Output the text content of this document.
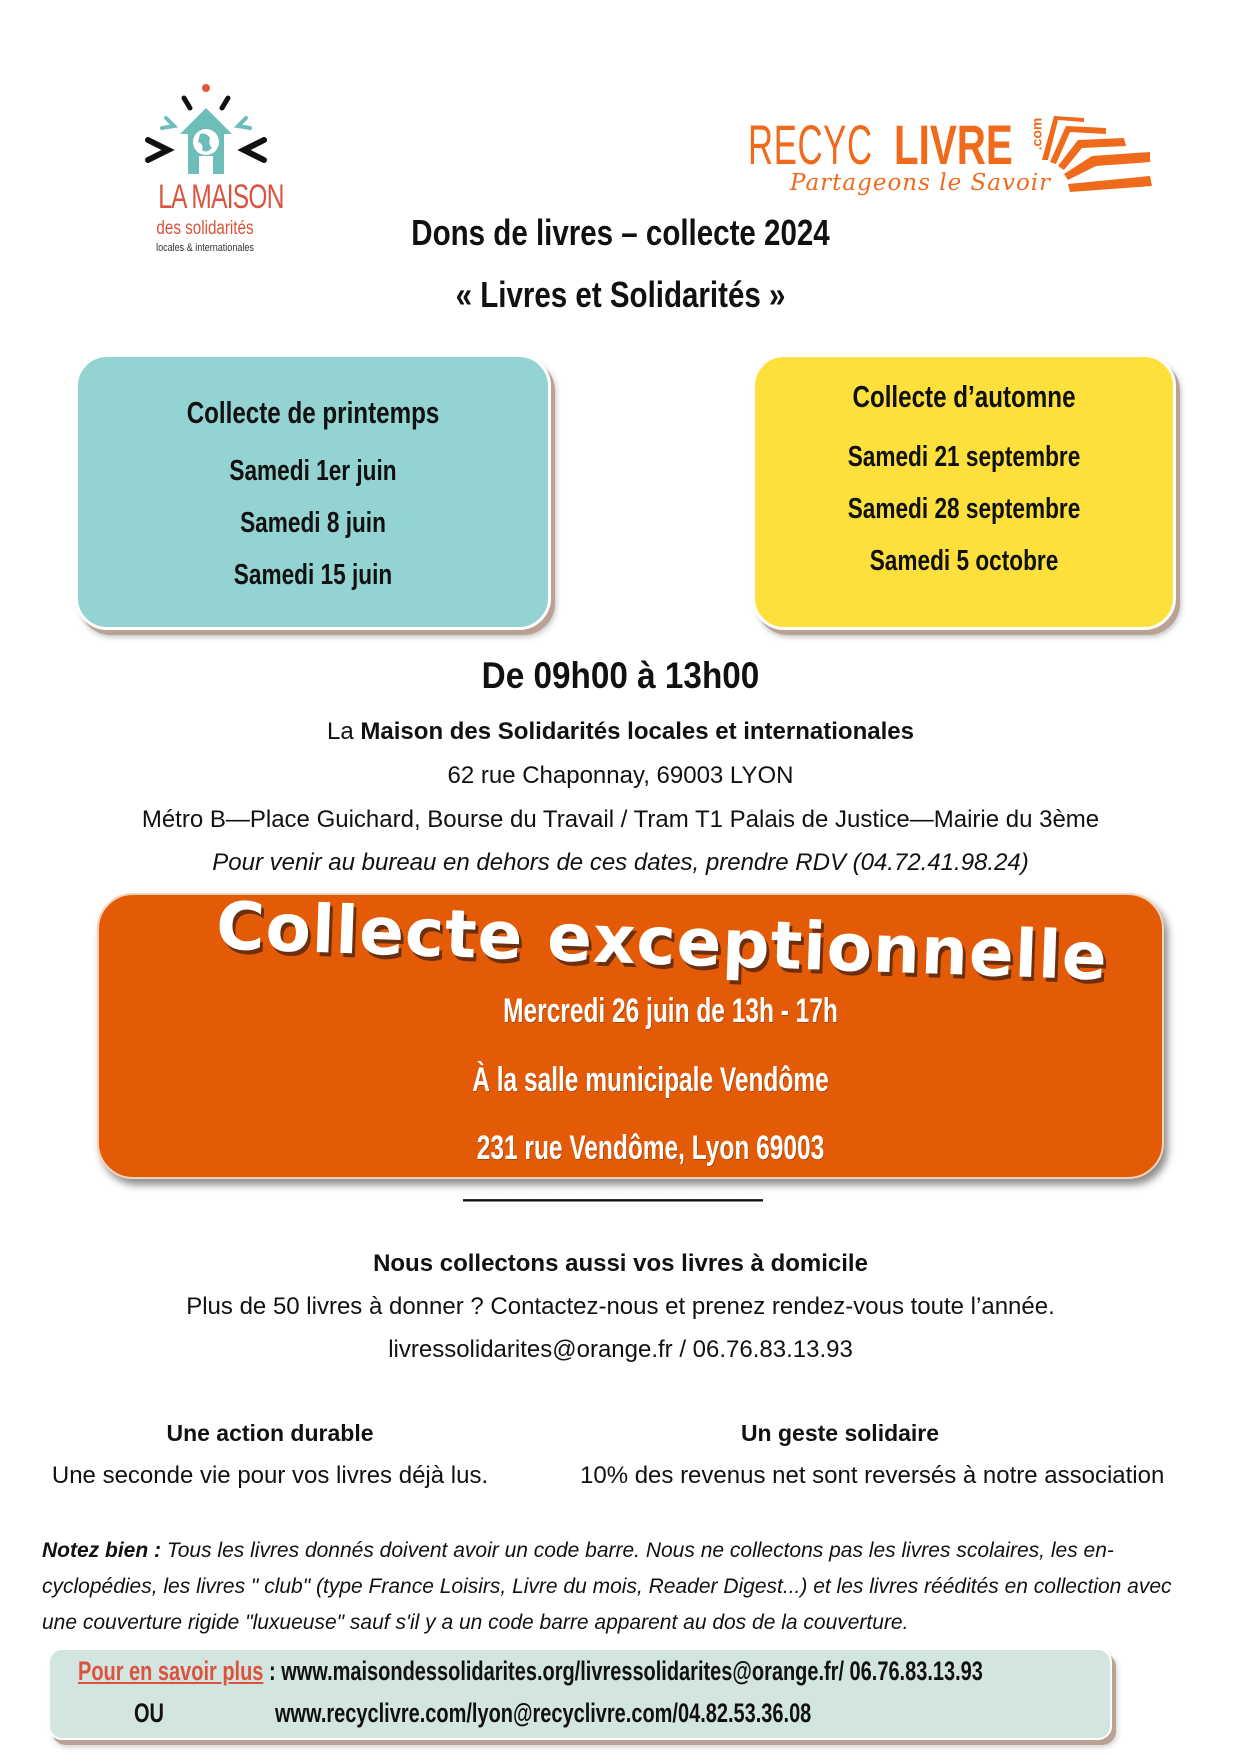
LA MAISON
des solidarités
locales & internationales
RECYC LIVRE .com
Partageons le Savoir
Dons de livres – collecte 2024
« Livres et Solidarités »
Collecte de printemps
Samedi 1er juin
Samedi 8 juin
Samedi 15 juin
Collecte d’automne
Samedi 21 septembre
Samedi 28 septembre
Samedi 5 octobre
De 09h00 à 13h00
La Maison des Solidarités locales et internationales
62 rue Chaponnay, 69003 LYON
Métro B—Place Guichard, Bourse du Travail / Tram T1 Palais de Justice—Mairie du 3ème
Pour venir au bureau en dehors de ces dates, prendre RDV (04.72.41.98.24)
Collecte exceptionnelle
Mercredi 26 juin de 13h - 17h
À la salle municipale Vendôme
231 rue Vendôme, Lyon 69003
—————————————
Nous collectons aussi vos livres à domicile
Plus de 50 livres à donner ? Contactez-nous et prenez rendez-vous toute l’année.
livressolidarites@orange.fr / 06.76.83.13.93
Une action durable
Une seconde vie pour vos livres déjà lus.
Un geste solidaire
10% des revenus net sont reversés à notre association
Notez bien : Tous les livres donnés doivent avoir un code barre. Nous ne collectons pas les livres scolaires, les en-cyclopédies, les livres " club" (type France Loisirs, Livre du mois, Reader Digest...) et les livres réédités en collection avec une couverture rigide "luxueuse" sauf s'il y a un code barre apparent au dos de la couverture.
Pour en savoir plus : www.maisondessolidarites.org/livressolidarites@orange.fr/ 06.76.83.13.93
OU	www.recyclivre.com/lyon@recyclivre.com/04.82.53.36.08
